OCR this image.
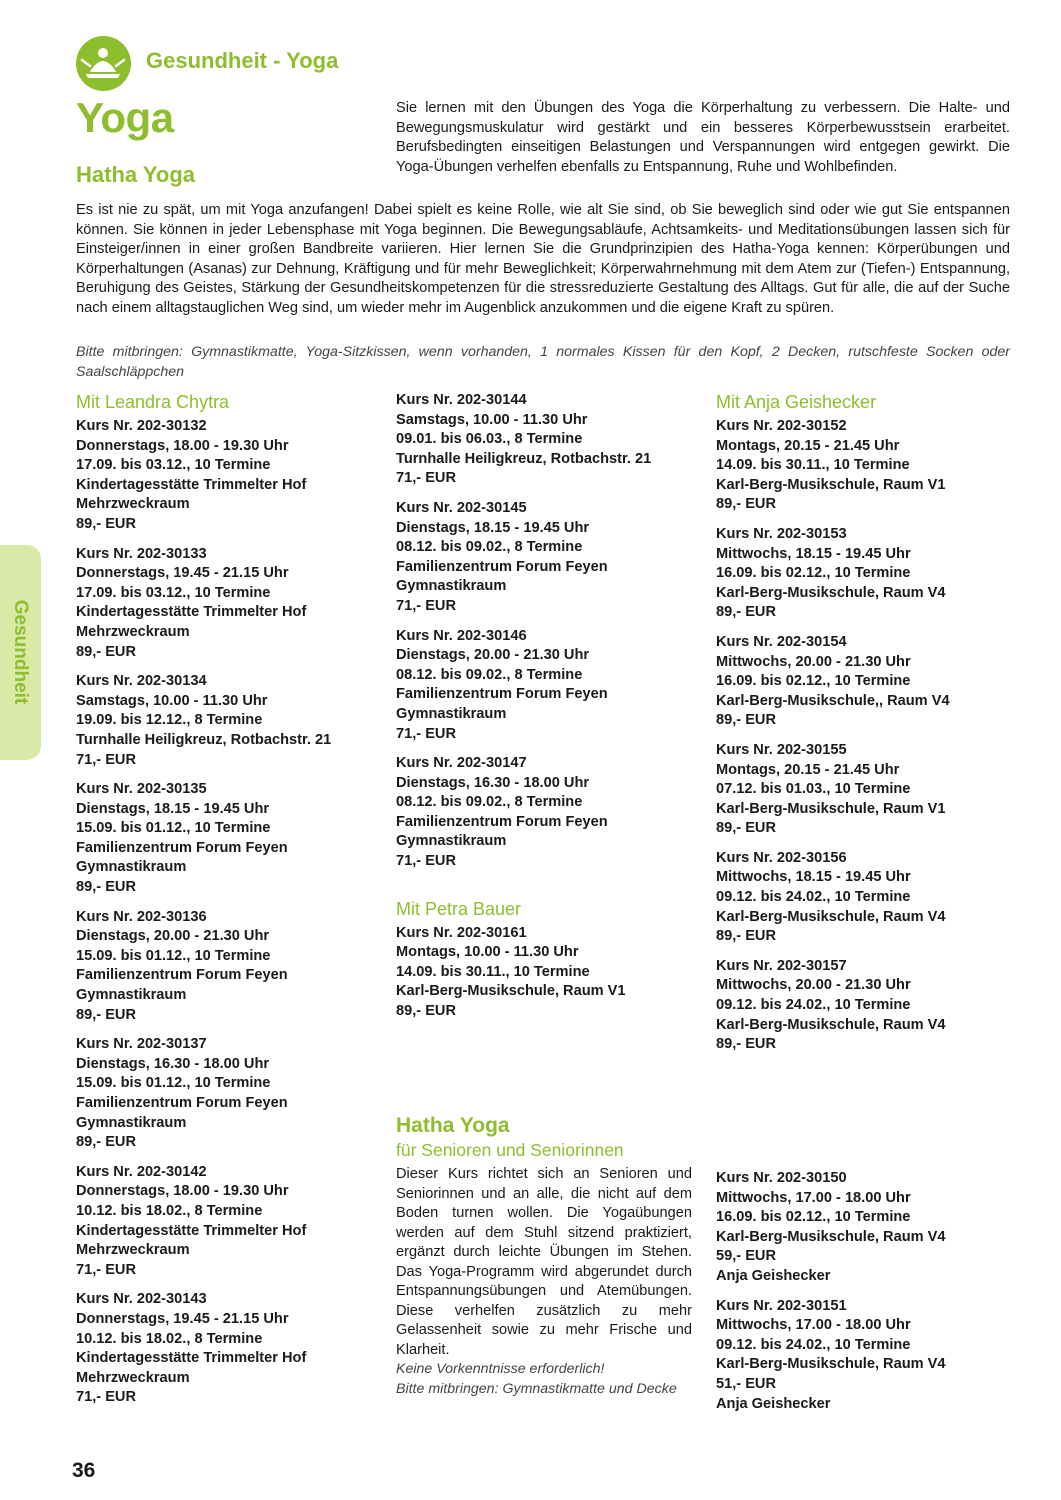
Gesundheit - Yoga
Yoga
Hatha Yoga

Sie lernen mit den Übungen des Yoga die Körperhaltung zu verbessern. Die Halte- und Bewegungsmuskulatur wird gestärkt und ein besseres Körperbewusstsein erarbeitet. Berufsbedingten einseitigen Belastungen und Verspannungen wird entgegen gewirkt. Die Yoga-Übungen verhelfen ebenfalls zu Entspannung, Ruhe und Wohlbefinden.

Es ist nie zu spät, um mit Yoga anzufangen! Dabei spielt es keine Rolle, wie alt Sie sind, ob Sie beweglich sind oder wie gut Sie entspannen können. Sie können in jeder Lebensphase mit Yoga beginnen. Die Bewegungsabläufe, Achtsamkeits- und Meditationsübungen lassen sich für Einsteiger/innen in einer großen Bandbreite variieren. Hier lernen Sie die Grundprinzipien des Hatha-Yoga kennen: Körperübungen und Körperhaltungen (Asanas) zur Dehnung, Kräftigung und für mehr Beweglichkeit; Körperwahrnehmung mit dem Atem zur (Tiefen-) Entspannung, Beruhigung des Geistes, Stärkung der Gesundheitskompetenzen für die stressreduzierte Gestaltung des Alltags. Gut für alle, die auf der Suche nach einem alltagstauglichen Weg sind, um wieder mehr im Augenblick anzukommen und die eigene Kraft zu spüren.

Bitte mitbringen: Gymnastikmatte, Yoga-Sitzkissen, wenn vorhanden, 1 normales Kissen für den Kopf, 2 Decken, rutschfeste Socken oder Saalschläppchen

Mit Leandra Chytra
Kurs Nr. 202-30132
Donnerstags, 18.00 - 19.30 Uhr
17.09. bis 03.12., 10 Termine
Kindertagesstätte Trimmelter Hof
Mehrzweckraum
89,- EUR
Kurs Nr. 202-30133
Donnerstags, 19.45 - 21.15 Uhr
17.09. bis 03.12., 10 Termine
Kindertagesstätte Trimmelter Hof
Mehrzweckraum
89,- EUR
Kurs Nr. 202-30134
Samstags, 10.00 - 11.30 Uhr
19.09. bis 12.12., 8 Termine
Turnhalle Heiligkreuz, Rotbachstr. 21
71,- EUR
Kurs Nr. 202-30135
Dienstags, 18.15 - 19.45 Uhr
15.09. bis 01.12., 10 Termine
Familienzentrum Forum Feyen
Gymnastikraum
89,- EUR
Kurs Nr. 202-30136
Dienstags, 20.00 - 21.30 Uhr
15.09. bis 01.12., 10 Termine
Familienzentrum Forum Feyen
Gymnastikraum
89,- EUR
Kurs Nr. 202-30137
Dienstags, 16.30 - 18.00 Uhr
15.09. bis 01.12., 10 Termine
Familienzentrum Forum Feyen
Gymnastikraum
89,- EUR
Kurs Nr. 202-30142
Donnerstags, 18.00 - 19.30 Uhr
10.12. bis 18.02., 8 Termine
Kindertagesstätte Trimmelter Hof
Mehrzweckraum
71,- EUR
Kurs Nr. 202-30143
Donnerstags, 19.45 - 21.15 Uhr
10.12. bis 18.02., 8 Termine
Kindertagesstätte Trimmelter Hof
Mehrzweckraum
71,- EUR
Kurs Nr. 202-30144
Samstags, 10.00 - 11.30 Uhr
09.01. bis 06.03., 8 Termine
Turnhalle Heiligkreuz, Rotbachstr. 21
71,- EUR
Kurs Nr. 202-30145
Dienstags, 18.15 - 19.45 Uhr
08.12. bis 09.02., 8 Termine
Familienzentrum Forum Feyen
Gymnastikraum
71,- EUR
Kurs Nr. 202-30146
Dienstags, 20.00 - 21.30 Uhr
08.12. bis 09.02., 8 Termine
Familienzentrum Forum Feyen
Gymnastikraum
71,- EUR
Kurs Nr. 202-30147
Dienstags, 16.30 - 18.00 Uhr
08.12. bis 09.02., 8 Termine
Familienzentrum Forum Feyen
Gymnastikraum
71,- EUR
Mit Petra Bauer
Kurs Nr. 202-30161
Montags, 10.00 - 11.30 Uhr
14.09. bis 30.11., 10 Termine
Karl-Berg-Musikschule, Raum V1
89,- EUR
Mit Anja Geishecker
Kurs Nr. 202-30152
Montags, 20.15 - 21.45 Uhr
14.09. bis 30.11., 10 Termine
Karl-Berg-Musikschule, Raum V1
89,- EUR
Kurs Nr. 202-30153
Mittwochs, 18.15 - 19.45 Uhr
16.09. bis 02.12., 10 Termine
Karl-Berg-Musikschule, Raum V4
89,- EUR
Kurs Nr. 202-30154
Mittwochs, 20.00 - 21.30 Uhr
16.09. bis 02.12., 10 Termine
Karl-Berg-Musikschule,, Raum V4
89,- EUR
Kurs Nr. 202-30155
Montags, 20.15 - 21.45 Uhr
07.12. bis 01.03., 10 Termine
Karl-Berg-Musikschule, Raum V1
89,- EUR
Kurs Nr. 202-30156
Mittwochs, 18.15 - 19.45 Uhr
09.12. bis 24.02., 10 Termine
Karl-Berg-Musikschule, Raum V4
89,- EUR
Kurs Nr. 202-30157
Mittwochs, 20.00 - 21.30 Uhr
09.12. bis 24.02., 10 Termine
Karl-Berg-Musikschule, Raum V4
89,- EUR
Hatha Yoga
für Senioren und Seniorinnen

Dieser Kurs richtet sich an Senioren und Seniorinnen und an alle, die nicht auf dem Boden turnen wollen. Die Yogaübungen werden auf dem Stuhl sitzend praktiziert, ergänzt durch leichte Übungen im Stehen. Das Yoga-Programm wird abgerundet durch Entspannungsübungen und Atemübungen. Diese verhelfen zusätzlich zu mehr Gelassenheit sowie zu mehr Frische und Klarheit.

Keine Vorkenntnisse erforderlich!
Bitte mitbringen: Gymnastikmatte und Decke
Kurs Nr. 202-30150
Mittwochs, 17.00 - 18.00 Uhr
16.09. bis 02.12., 10 Termine
Karl-Berg-Musikschule, Raum V4
59,- EUR
Anja Geishecker
Kurs Nr. 202-30151
Mittwochs, 17.00 - 18.00 Uhr
09.12. bis 24.02., 10 Termine
Karl-Berg-Musikschule, Raum V4
51,- EUR
Anja Geishecker
Gesundheit
36
